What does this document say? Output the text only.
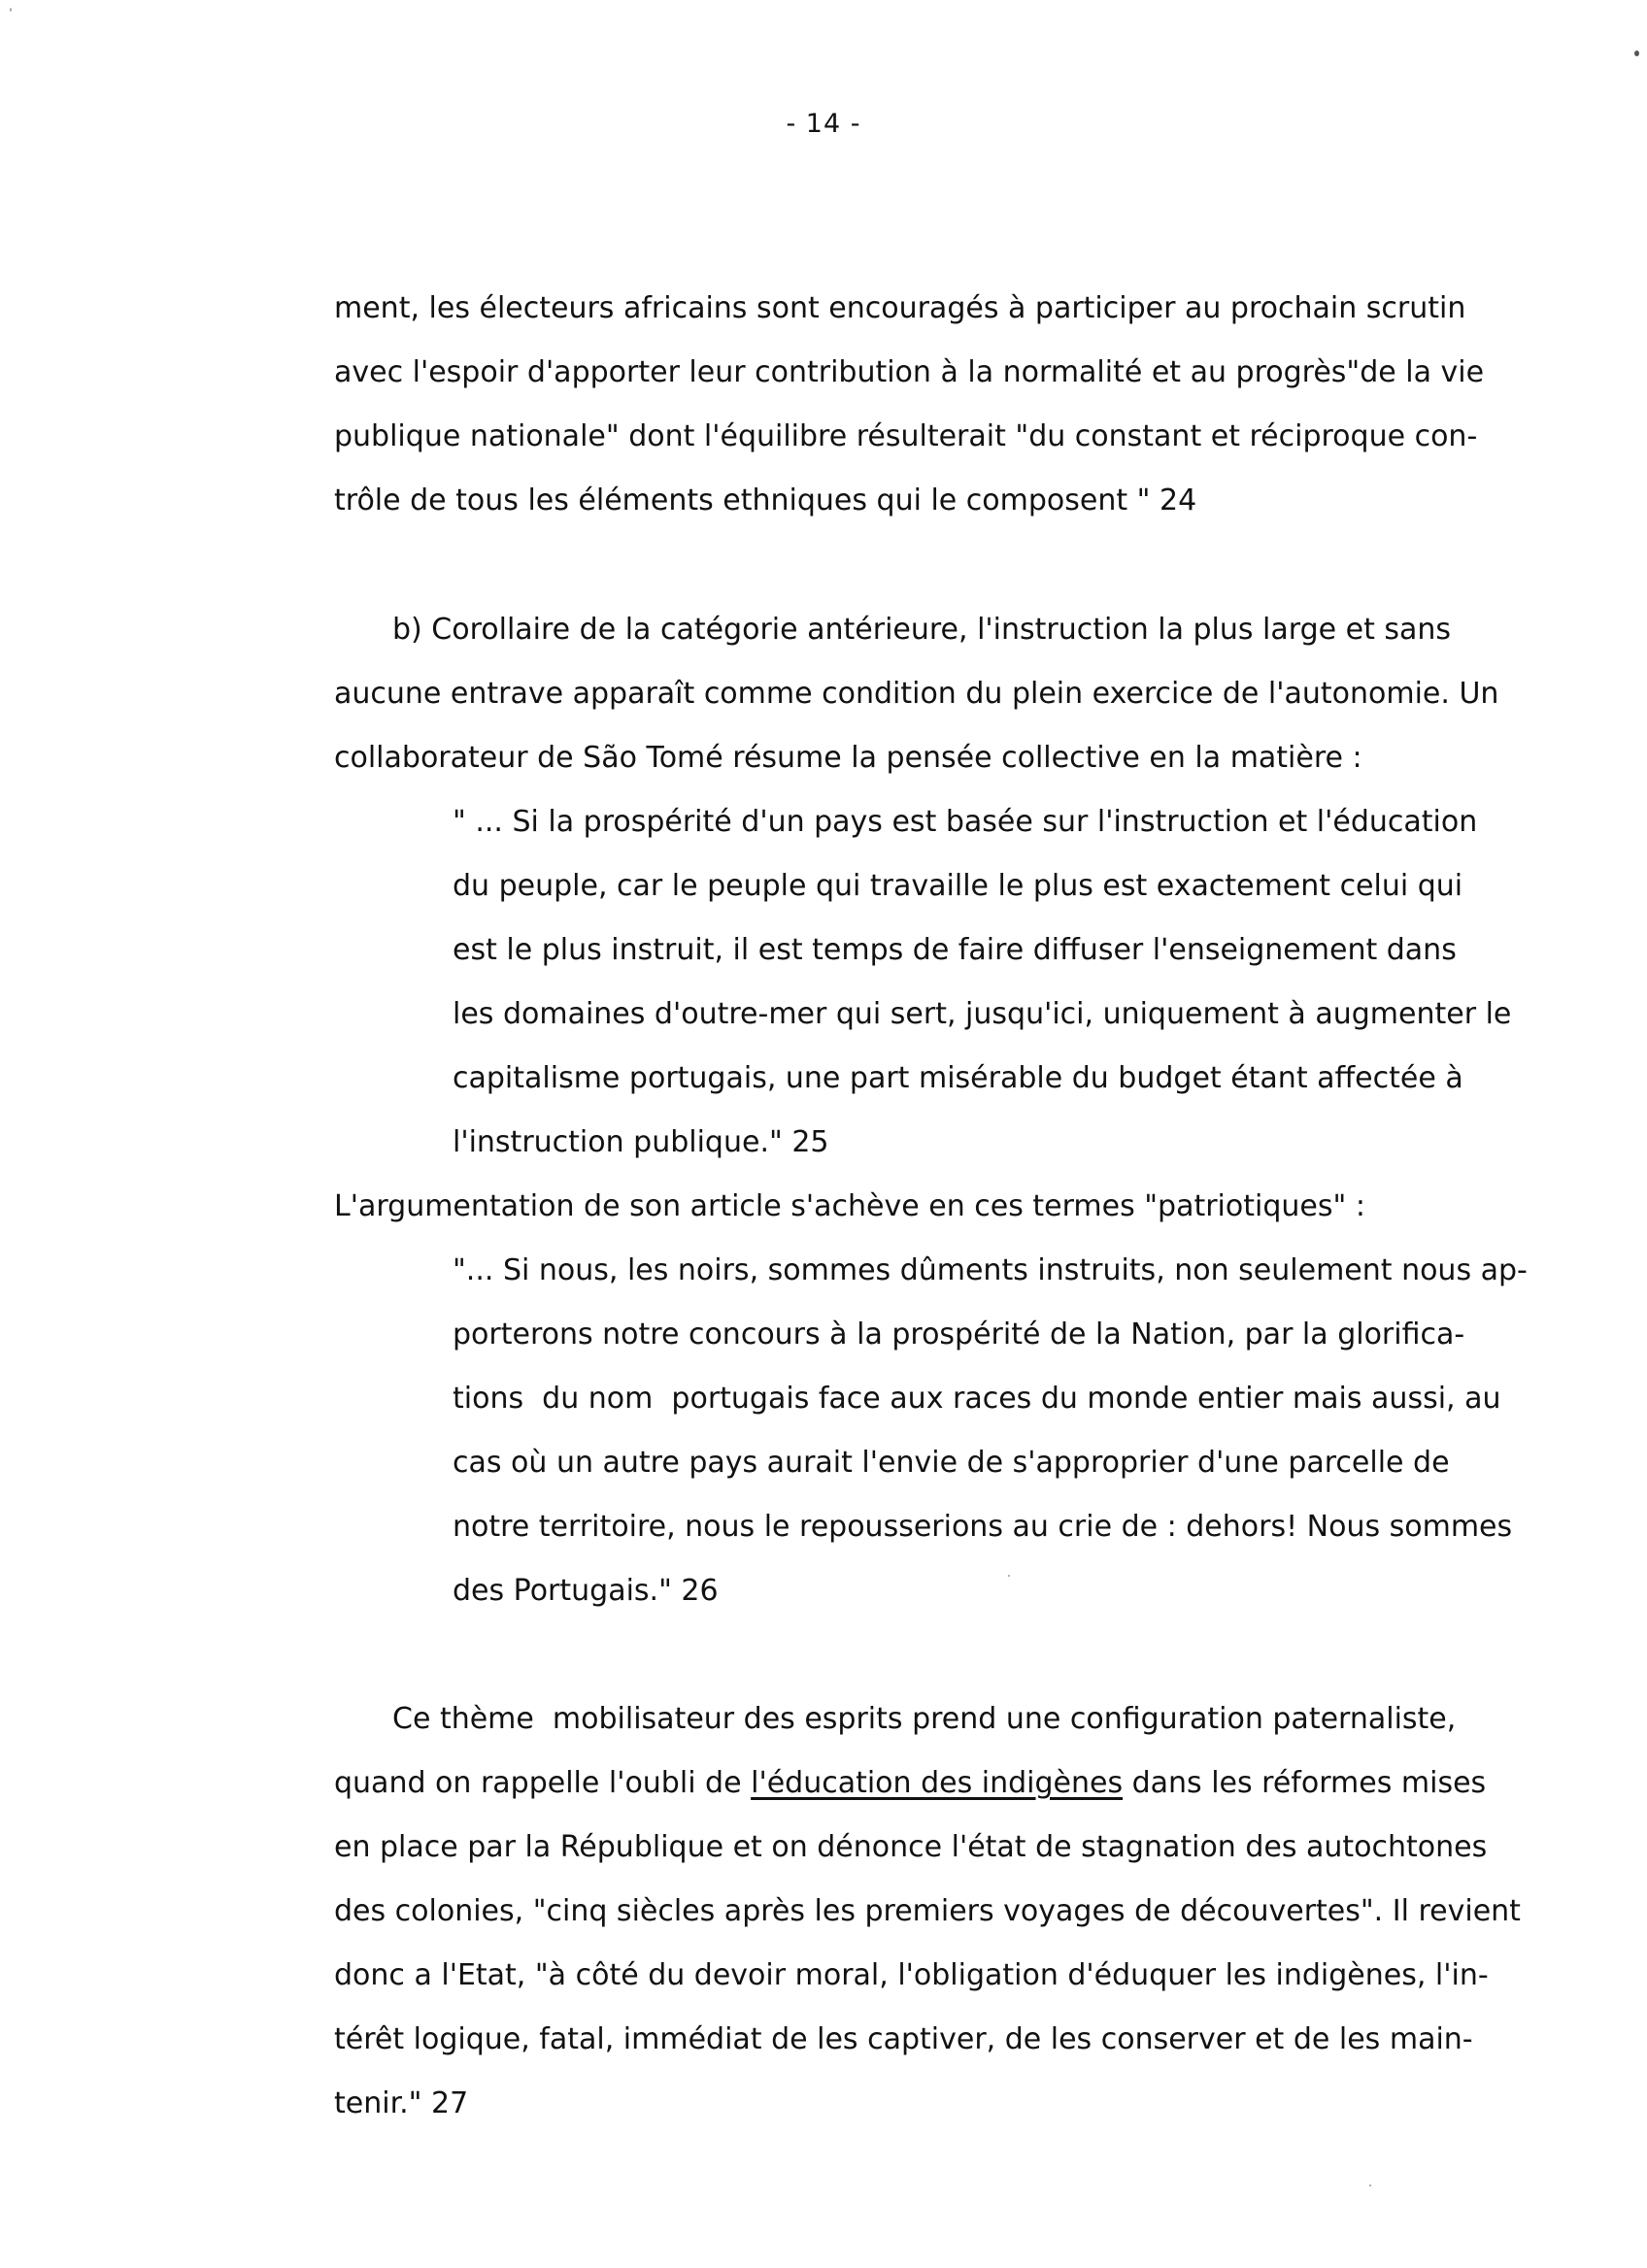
- 14 -

ment, les électeurs africains sont encouragés à participer au prochain scrutin

avec l'espoir d'apporter leur contribution à la normalité et au progrès"de la vie

publique nationale" dont l'équilibre résulterait "du constant et réciproque con-

trôle de tous les éléments ethniques qui le composent " 24

b) Corollaire de la catégorie antérieure, l'instruction la plus large et sans

aucune entrave apparaît comme condition du plein exercice de l'autonomie. Un

collaborateur de São Tomé résume la pensée collective en la matière :

" ... Si la prospérité d'un pays est basée sur l'instruction et l'éducation

du peuple, car le peuple qui travaille le plus est exactement celui qui

est le plus instruit, il est temps de faire diffuser l'enseignement dans

les domaines d'outre-mer qui sert, jusqu'ici, uniquement à augmenter le

capitalisme portugais, une part misérable du budget étant affectée à

l'instruction publique." 25

L'argumentation de son article s'achève en ces termes "patriotiques" :

"... Si nous, les noirs, sommes dûments instruits, non seulement nous ap-

porterons notre concours à la prospérité de la Nation, par la glorifica-

tions  du nom  portugais face aux races du monde entier mais aussi, au

cas où un autre pays aurait l'envie de s'approprier d'une parcelle de

notre territoire, nous le repousserions au crie de : dehors! Nous sommes

des Portugais." 26

Ce thème  mobilisateur des esprits prend une configuration paternaliste,

quand on rappelle l'oubli de l'éducation des indigènes dans les réformes mises

en place par la République et on dénonce l'état de stagnation des autochtones

des colonies, "cinq siècles après les premiers voyages de découvertes". Il revient

donc a l'Etat, "à côté du devoir moral, l'obligation d'éduquer les indigènes, l'in-

térêt logique, fatal, immédiat de les captiver, de les conserver et de les main-

tenir." 27
